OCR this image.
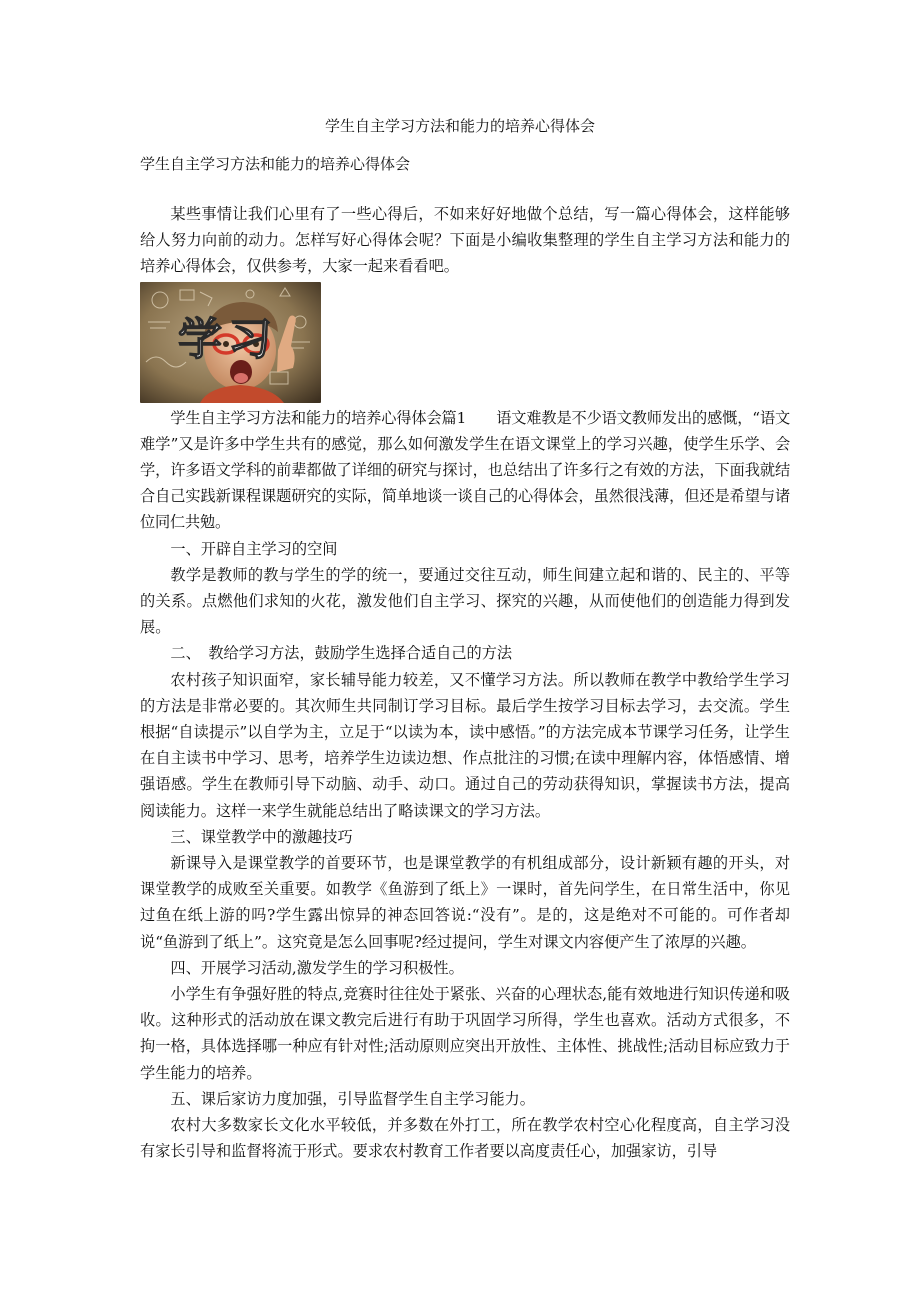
学生自主学习方法和能力的培养心得体会
学生自主学习方法和能力的培养心得体会

某些事情让我们心里有了一些心得后，不如来好好地做个总结，写一篇心得体会，这样能够给人努力向前的动力。怎样写好心得体会呢？下面是小编收集整理的学生自主学习方法和能力的培养心得体会，仅供参考，大家一起来看看吧。

学习

学生自主学习方法和能力的培养心得体会篇1　　语文难教是不少语文教师发出的感慨，“语文难学”又是许多中学生共有的感觉，那么如何激发学生在语文课堂上的学习兴趣，使学生乐学、会学，许多语文学科的前辈都做了详细的研究与探讨，也总结出了许多行之有效的方法，下面我就结合自己实践新课程课题研究的实际，简单地谈一谈自己的心得体会，虽然很浅薄，但还是希望与诸位同仁共勉。

一、开辟自主学习的空间

教学是教师的教与学生的学的统一，要通过交往互动，师生间建立起和谐的、民主的、平等的关系。点燃他们求知的火花，激发他们自主学习、探究的兴趣，从而使他们的创造能力得到发展。

二、　教给学习方法，鼓励学生选择合适自己的方法

农村孩子知识面窄，家长辅导能力较差，又不懂学习方法。所以教师在教学中教给学生学习的方法是非常必要的。其次师生共同制订学习目标。最后学生按学习目标去学习，去交流。学生根据“自读提示”以自学为主，立足于“以读为本，读中感悟。”的方法完成本节课学习任务，让学生在自主读书中学习、思考，培养学生边读边想、作点批注的习惯;在读中理解内容，体悟感情、增强语感。学生在教师引导下动脑、动手、动口。通过自己的劳动获得知识，掌握读书方法，提高阅读能力。这样一来学生就能总结出了略读课文的学习方法。

三、课堂教学中的激趣技巧

新课导入是课堂教学的首要环节，也是课堂教学的有机组成部分，设计新颖有趣的开头，对课堂教学的成败至关重要。如教学《鱼游到了纸上》一课时，首先问学生，在日常生活中，你见过鱼在纸上游的吗?学生露出惊异的神态回答说:“没有”。是的，这是绝对不可能的。可作者却说“鱼游到了纸上”。这究竟是怎么回事呢?经过提问，学生对课文内容便产生了浓厚的兴趣。

四、开展学习活动,激发学生的学习积极性。

小学生有争强好胜的特点,竞赛时往往处于紧张、兴奋的心理状态,能有效地进行知识传递和吸收。这种形式的活动放在课文教完后进行有助于巩固学习所得，学生也喜欢。活动方式很多，不拘一格，具体选择哪一种应有针对性;活动原则应突出开放性、主体性、挑战性;活动目标应致力于学生能力的培养。

五、课后家访力度加强，引导监督学生自主学习能力。

农村大多数家长文化水平较低，并多数在外打工，所在教学农村空心化程度高，自主学习没有家长引导和监督将流于形式。要求农村教育工作者要以高度责任心，加强家访，引导
